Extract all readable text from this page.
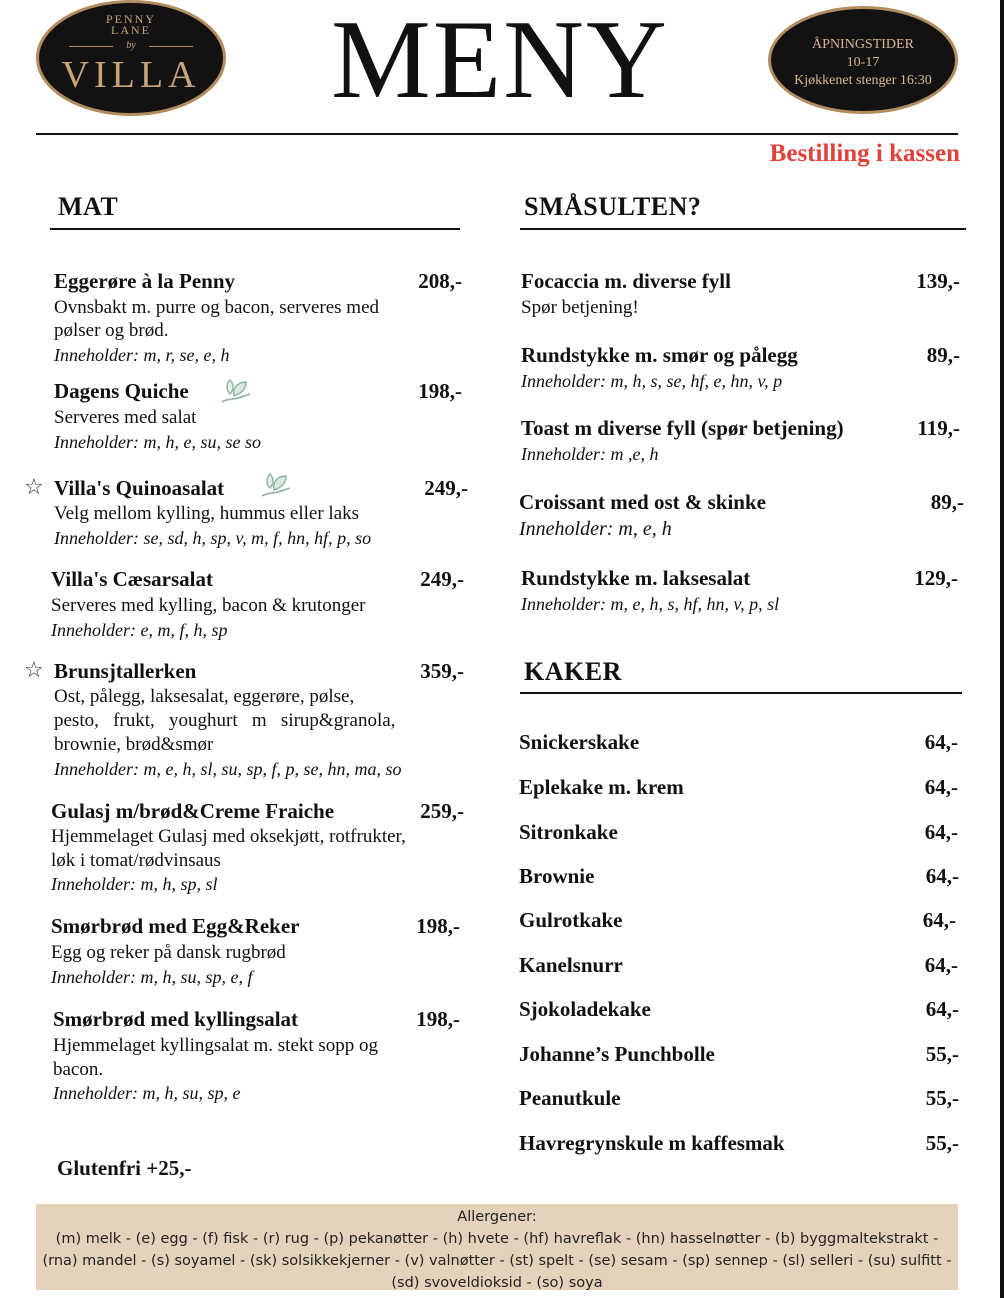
PENNY
LANE
by
VILLA	MENY	ÅPNINGSTIDER
10-17
Kjøkkenet stenger 16:30
Bestilling i kassen
MAT
Eggerøre à la Penny	208,-
Ovnsbakt m. purre og bacon, serveres med
pølser og brød.
Inneholder: m, r, se, e, h
Dagens Quiche	198,-
Serveres med salat
Inneholder: m, h, e, su, se so
☆ Villa's Quinoasalat	249,-
Velg mellom kylling, hummus eller laks
Inneholder: se, sd, h, sp, v, m, f, hn, hf, p, so
Villa's Cæsarsalat	249,-
Serveres med kylling, bacon & krutonger
Inneholder: e, m, f, h, sp
☆ Brunsjtallerken	359,-
Ost, pålegg, laksesalat, eggerøre, pølse,
pesto,   frukt,   youghurt   m   sirup&granola,
brownie, brød&smør
Inneholder: m, e, h, sl, su, sp, f, p, se, hn, ma, so
Gulasj m/brød&Creme Fraiche	259,-
Hjemmelaget Gulasj med oksekjøtt, rotfrukter,
løk i tomat/rødvinsaus
Inneholder: m, h, sp, sl
Smørbrød med Egg&Reker	198,-
Egg og reker på dansk rugbrød
Inneholder: m, h, su, sp, e, f
Smørbrød med kyllingsalat	198,-
Hjemmelaget kyllingsalat m. stekt sopp og
bacon.
Inneholder: m, h, su, sp, e
Glutenfri +25,-
SMÅSULTEN?
Focaccia m. diverse fyll	139,-
Spør betjening!
Rundstykke m. smør og pålegg	89,-
Inneholder: m, h, s, se, hf, e, hn, v, p
Toast m diverse fyll (spør betjening)	119,-
Inneholder: m ,e, h
Croissant med ost & skinke	89,-
Inneholder: m, e, h
Rundstykke m. laksesalat	129,-
Inneholder: m, e, h, s, hf, hn, v, p, sl
KAKER
Snickerskake	64,-
Eplekake m. krem	64,-
Sitronkake	64,-
Brownie	64,-
Gulrotkake	64,-
Kanelsnurr	64,-
Sjokoladekake	64,-
Johanne’s Punchbolle	55,-
Peanutkule	55,-
Havregrynskule m kaffesmak	55,-
Allergener:
(m) melk - (e) egg - (f) fisk - (r) rug - (p) pekanøtter - (h) hvete - (hf) havreflak - (hn) hasselnøtter - (b) byggmaltekstrakt -
(rna) mandel - (s) soyamel - (sk) solsikkekjerner - (v) valnøtter - (st) spelt - (se) sesam - (sp) sennep - (sl) selleri - (su) sulfitt -
(sd) svoveldioksid - (so) soya
